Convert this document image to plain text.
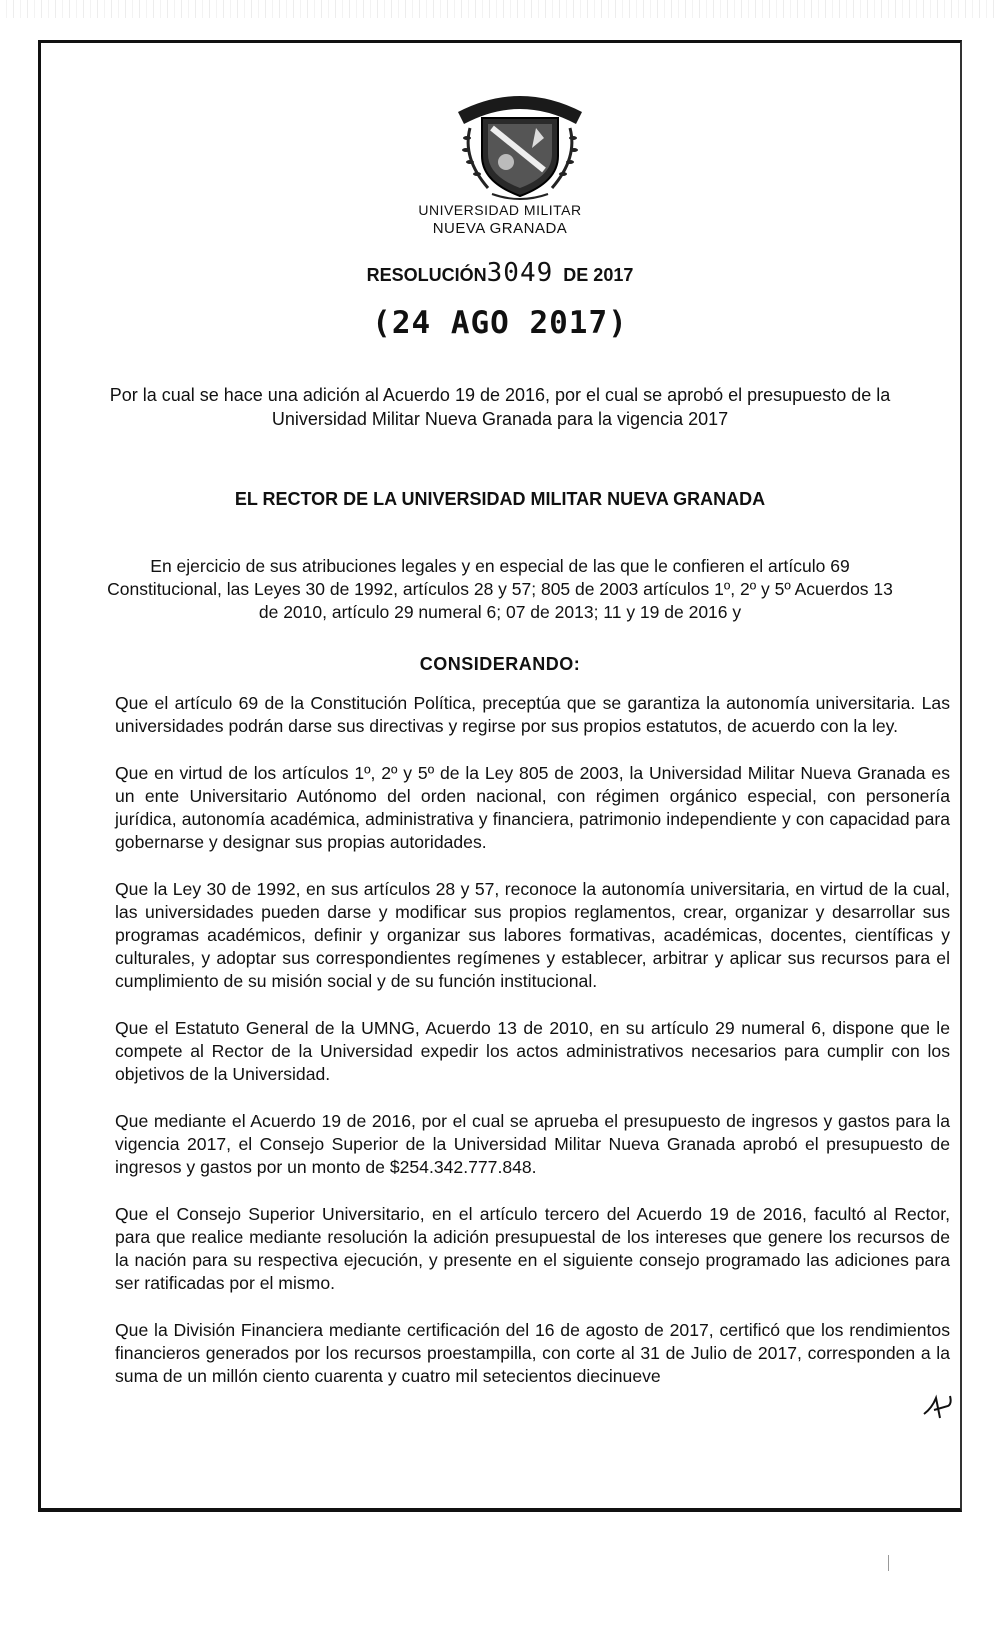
UNIVERSIDAD MILITAR
NUEVA GRANADA
RESOLUCIÓN3049 DE 2017
(24 AGO 2017)
Por la cual se hace una adición al Acuerdo 19 de 2016, por el cual se aprobó el presupuesto de la Universidad Militar Nueva Granada para la vigencia 2017
EL RECTOR DE LA UNIVERSIDAD MILITAR NUEVA GRANADA
En ejercicio de sus atribuciones legales y en especial de las que le confieren el artículo 69 Constitucional, las Leyes 30 de 1992, artículos 28 y 57; 805 de 2003 artículos 1º, 2º y 5º Acuerdos 13 de 2010, artículo 29 numeral 6; 07 de 2013; 11 y 19 de 2016 y
CONSIDERANDO:

Que el artículo 69 de la Constitución Política, preceptúa que se garantiza la autonomía universitaria. Las universidades podrán darse sus directivas y regirse por sus propios estatutos, de acuerdo con la ley.

Que en virtud de los artículos 1º, 2º y 5º de la Ley 805 de 2003, la Universidad Militar Nueva Granada es un ente Universitario Autónomo del orden nacional, con régimen orgánico especial, con personería jurídica, autonomía académica, administrativa y financiera, patrimonio independiente y con capacidad para gobernarse y designar sus propias autoridades.

Que la Ley 30 de 1992, en sus artículos 28 y 57, reconoce la autonomía universitaria, en virtud de la cual, las universidades pueden darse y modificar sus propios reglamentos, crear, organizar y desarrollar sus programas académicos, definir y organizar sus labores formativas, académicas, docentes, científicas y culturales, y adoptar sus correspondientes regímenes y establecer, arbitrar y aplicar sus recursos para el cumplimiento de su misión social y de su función institucional.

Que el Estatuto General de la UMNG, Acuerdo 13 de 2010, en su artículo 29 numeral 6, dispone que le compete al Rector de la Universidad expedir los actos administrativos necesarios para cumplir con los objetivos de la Universidad.

Que mediante el Acuerdo 19 de 2016, por el cual se aprueba el presupuesto de ingresos y gastos para la vigencia 2017, el Consejo Superior de la Universidad Militar Nueva Granada aprobó el presupuesto de ingresos y gastos por un monto de $254.342.777.848.

Que el Consejo Superior Universitario, en el artículo tercero del Acuerdo 19 de 2016, facultó al Rector, para que realice mediante resolución la adición presupuestal de los intereses que genere los recursos de la nación para su respectiva ejecución, y presente en el siguiente consejo programado las adiciones para ser ratificadas por el mismo.

Que la División Financiera mediante certificación del 16 de agosto de 2017, certificó que los rendimientos financieros generados por los recursos proestampilla, con corte al 31 de Julio de 2017, corresponden a la suma de un millón ciento cuarenta y cuatro mil setecientos diecinueve
